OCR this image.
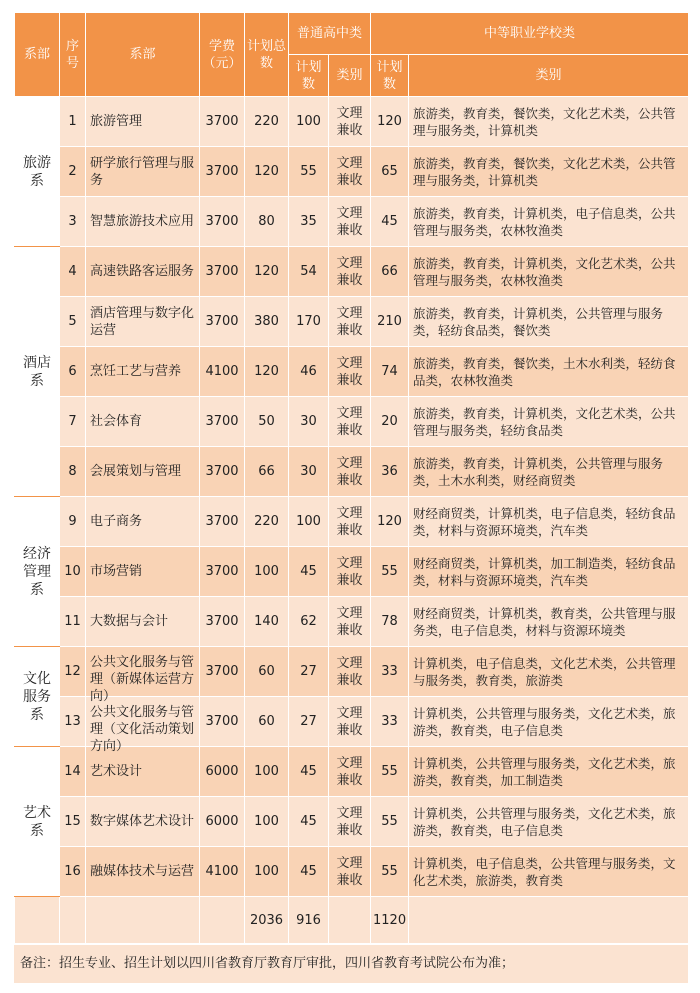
系部	序号	系部	学费（元）	计划总数	普通高中类		中等职业学校类	
					计划数	类别	计划数	类别
旅游系	1	旅游管理	3700	220	100	文理兼收	120	旅游类，教育类，餐饮类，文化艺术类，公共管理与服务类，计算机类

	2	研学旅行管理与服务	3700	120	55	文理兼收	65	旅游类，教育类，餐饮类，文化艺术类，公共管理与服务类，计算机类

	3	智慧旅游技术应用	3700	80	35	文理兼收	45	旅游类，教育类，计算机类，电子信息类，公共管理与服务类，农林牧渔类

酒店系	4	高速铁路客运服务	3700	120	54	文理兼收	66	旅游类，教育类，计算机类，文化艺术类，公共管理与服务类，农林牧渔类

	5	酒店管理与数字化运营	3700	380	170	文理兼收	210	旅游类，教育类，计算机类，公共管理与服务类，轻纺食品类，餐饮类

	6	烹饪工艺与营养	4100	120	46	文理兼收	74	旅游类，教育类，餐饮类，土木水利类，轻纺食品类，农林牧渔类

	7	社会体育	3700	50	30	文理兼收	20	旅游类，教育类，计算机类，文化艺术类，公共管理与服务类，轻纺食品类

	8	会展策划与管理	3700	66	30	文理兼收	36	旅游类，教育类，计算机类，公共管理与服务类，土木水利类，财经商贸类

经济管理系	9	电子商务	3700	220	100	文理兼收	120	财经商贸类，计算机类，电子信息类，轻纺食品类，材料与资源环境类，汽车类

	10	市场营销	3700	100	45	文理兼收	55	财经商贸类，计算机类，加工制造类，轻纺食品类，材料与资源环境类，汽车类

	11	大数据与会计	3700	140	62	文理兼收	78	财经商贸类，计算机类，教育类，公共管理与服务类，电子信息类，材料与资源环境类

文化服务系	12	公共文化服务与管理（新媒体运营方向）	3700	60	27	文理兼收	33	计算机类，电子信息类，文化艺术类，公共管理与服务类，教育类，旅游类

	13	公共文化服务与管理（文化活动策划方向）	3700	60	27	文理兼收	33	计算机类，公共管理与服务类，文化艺术类，旅游类，教育类，电子信息类

艺术系	14	艺术设计	6000	100	45	文理兼收	55	计算机类，公共管理与服务类，文化艺术类，旅游类，教育类，加工制造类

	15	数字媒体艺术设计	6000	100	45	文理兼收	55	计算机类，公共管理与服务类，文化艺术类，旅游类，教育类，电子信息类

	16	融媒体技术与运营	4100	100	45	文理兼收	55	计算机类，电子信息类，公共管理与服务类，文化艺术类，旅游类，教育类

				2036	916		1120	
备注：招生专业、招生计划以四川省教育厅教育厅审批，四川省教育考试院公布为准；
